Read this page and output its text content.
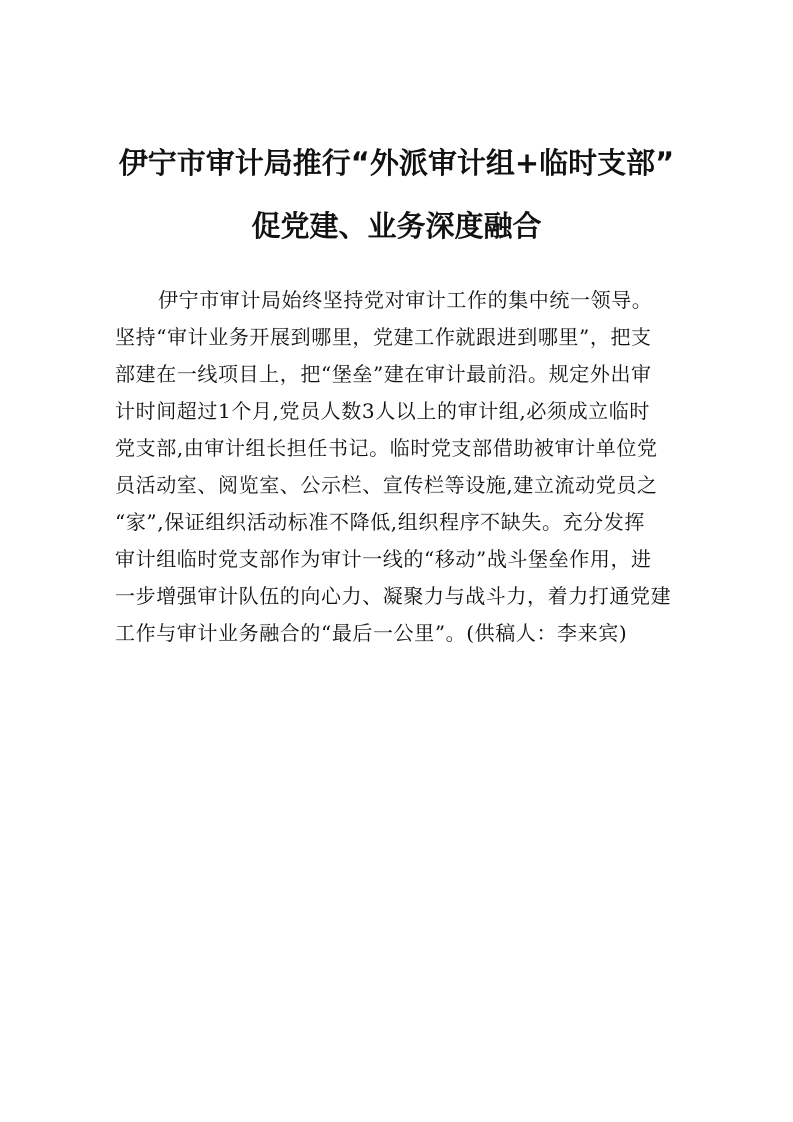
伊宁市审计局推行“外派审计组+临时支部”
促党建、业务深度融合
伊宁市审计局始终坚持党对审计工作的集中统一领导。
坚持“审计业务开展到哪里，党建工作就跟进到哪里”，把支
部建在一线项目上，把“堡垒”建在审计最前沿。规定外出审
计时间超过1个月,党员人数3人以上的审计组,必须成立临时
党支部,由审计组长担任书记。临时党支部借助被审计单位党
员活动室、阅览室、公示栏、宣传栏等设施,建立流动党员之
“家”,保证组织活动标准不降低,组织程序不缺失。充分发挥
审计组临时党支部作为审计一线的“移动”战斗堡垒作用，进
一步增强审计队伍的向心力、凝聚力与战斗力，着力打通党建
工作与审计业务融合的“最后一公里”。(供稿人：李来宾)
